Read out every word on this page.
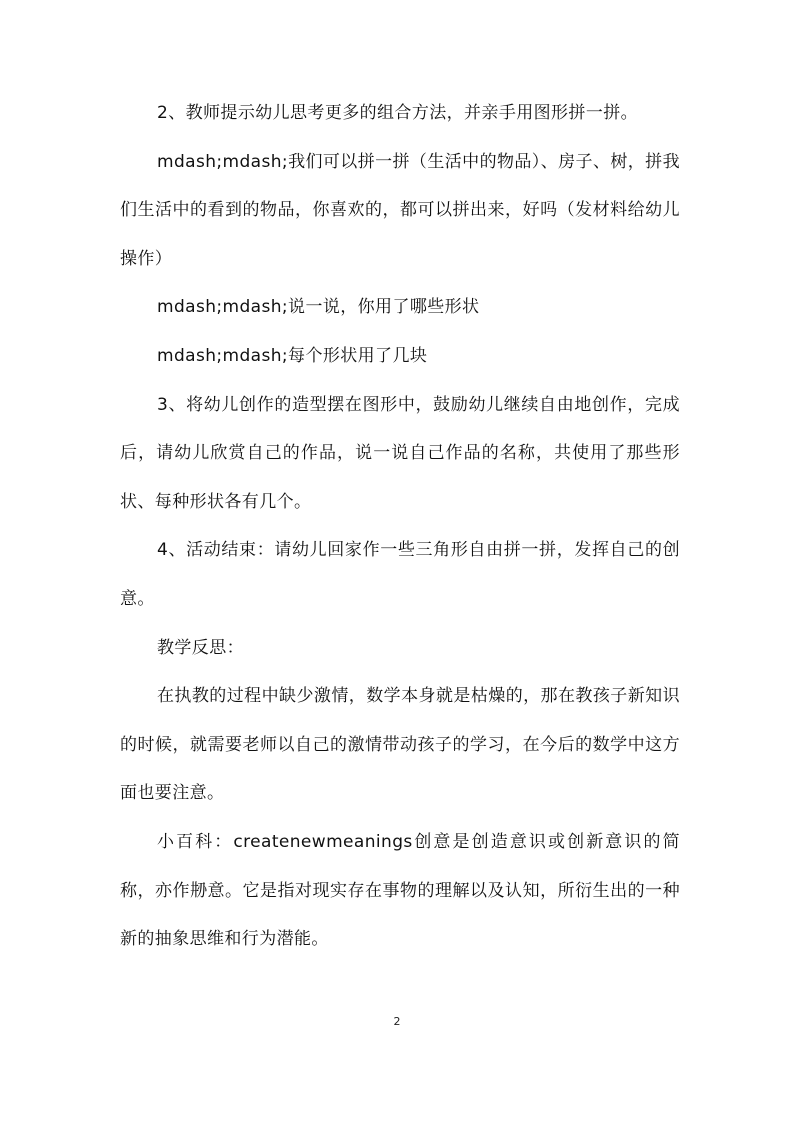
2、教师提示幼儿思考更多的组合方法，并亲手用图形拼一拼。

mdash;mdash;我们可以拼一拼（生活中的物品）、房子、树，拼我们生活中的看到的物品，你喜欢的，都可以拼出来，好吗（发材料给幼儿操作）

mdash;mdash;说一说，你用了哪些形状

mdash;mdash;每个形状用了几块

3、将幼儿创作的造型摆在图形中，鼓励幼儿继续自由地创作，完成后，请幼儿欣赏自己的作品，说一说自己作品的名称，共使用了那些形状、每种形状各有几个。

4、活动结束：请幼儿回家作一些三角形自由拼一拼，发挥自己的创意。

教学反思：

在执教的过程中缺少激情，数学本身就是枯燥的，那在教孩子新知识的时候，就需要老师以自己的激情带动孩子的学习，在今后的数学中这方面也要注意。

小百科：createnewmeanings创意是创造意识或创新意识的简称，亦作刱意。它是指对现实存在事物的理解以及认知，所衍生出的一种新的抽象思维和行为潜能。

2
